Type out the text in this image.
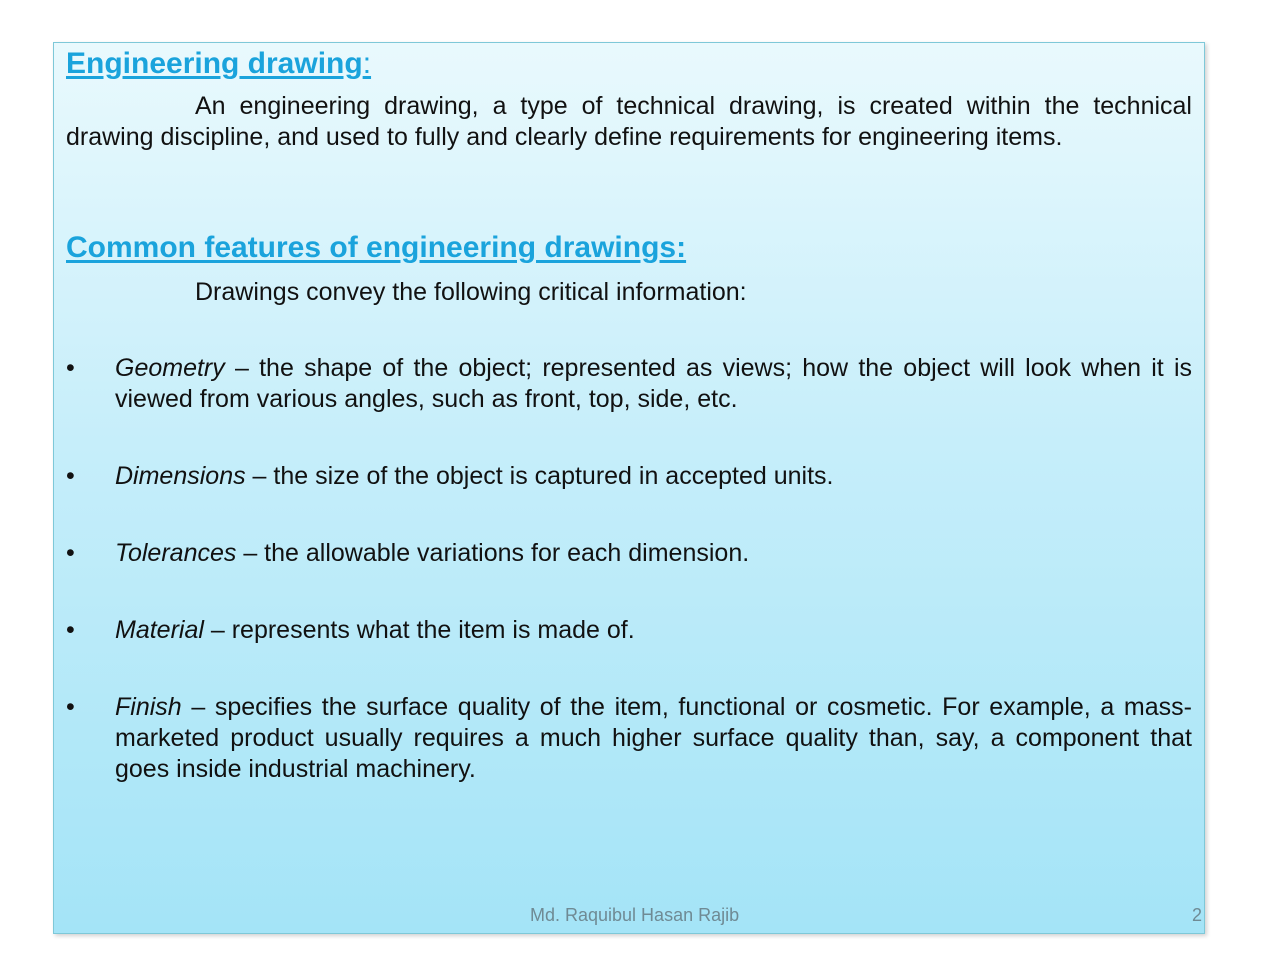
Engineering drawing:

An engineering drawing, a type of technical drawing, is created within the technical drawing discipline, and used to fully and clearly define requirements for engineering items.

Common features of engineering drawings:

Drawings convey the following critical information:

• Geometry – the shape of the object; represented as views; how the object will look when it is viewed from various angles, such as front, top, side, etc.
• Dimensions – the size of the object is captured in accepted units.
• Tolerances – the allowable variations for each dimension.
• Material – represents what the item is made of.
• Finish – specifies the surface quality of the item, functional or cosmetic. For example, a mass-marketed product usually requires a much higher surface quality than, say, a component that goes inside industrial machinery.
Md. Raquibul Hasan Rajib	2
